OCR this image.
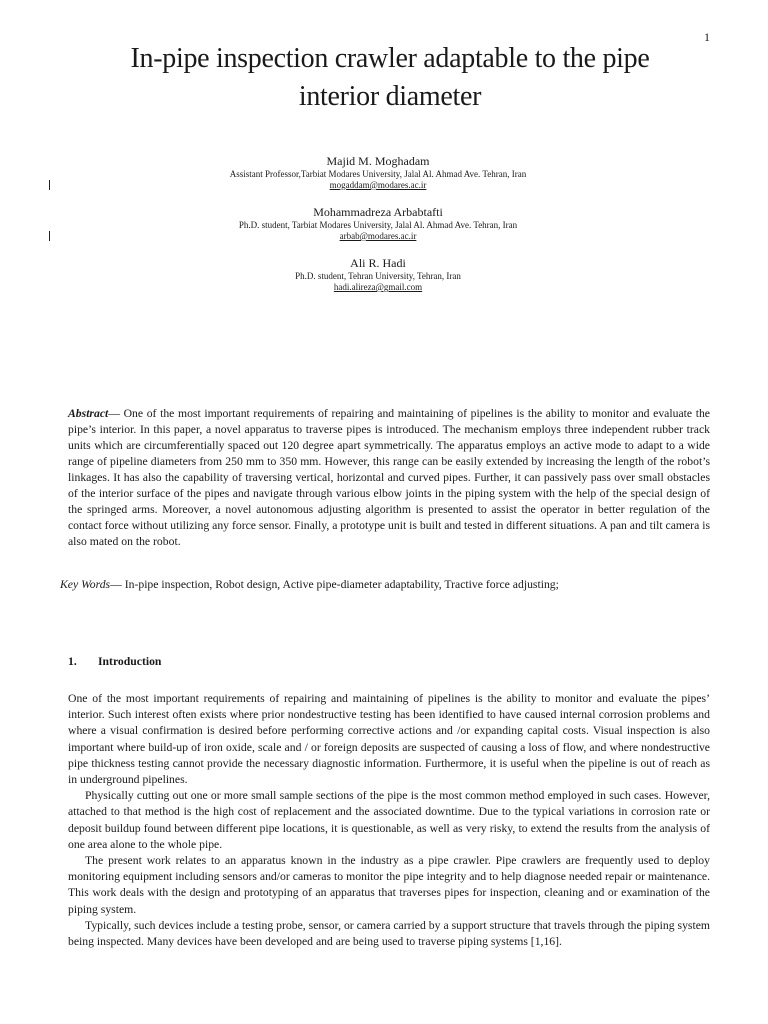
1
In-pipe inspection crawler adaptable to the pipe
interior diameter
Majid M. Moghadam
Assistant Professor,Tarbiat Modares University, Jalal Al. Ahmad Ave. Tehran, Iran
mogaddam@modares.ac.ir
Mohammadreza Arbabtafti
Ph.D. student, Tarbiat Modares University, Jalal Al. Ahmad Ave. Tehran, Iran
arbab@modares.ac.ir
Ali R. Hadi
Ph.D. student, Tehran University, Tehran, Iran
hadi.alireza@gmail.com

Abstract— One of the most important requirements of repairing and maintaining of pipelines is the ability to monitor and evaluate the pipe’s interior. In this paper, a novel apparatus to traverse pipes is introduced. The mechanism employs three independent rubber track units which are circumferentially spaced out 120 degree apart symmetrically. The apparatus employs an active mode to adapt to a wide range of pipeline diameters from 250 mm to 350 mm. However, this range can be easily extended by increasing the length of the robot’s linkages. It has also the capability of traversing vertical, horizontal and curved pipes. Further, it can passively pass over small obstacles of the interior surface of the pipes and navigate through various elbow joints in the piping system with the help of the special design of the springed arms. Moreover, a novel autonomous adjusting algorithm is presented to assist the operator in better regulation of the contact force without utilizing any force sensor. Finally, a prototype unit is built and tested in different situations. A pan and tilt camera is also mated on the robot.

Key Words— In-pipe inspection, Robot design, Active pipe-diameter adaptability, Tractive force adjusting;

1. Introduction

One of the most important requirements of repairing and maintaining of pipelines is the ability to monitor and evaluate the pipes’ interior. Such interest often exists where prior nondestructive testing has been identified to have caused internal corrosion problems and where a visual confirmation is desired before performing corrective actions and /or expanding capital costs. Visual inspection is also important where build-up of iron oxide, scale and / or foreign deposits are suspected of causing a loss of flow, and where nondestructive pipe thickness testing cannot provide the necessary diagnostic information. Furthermore, it is useful when the pipeline is out of reach as in underground pipelines.

Physically cutting out one or more small sample sections of the pipe is the most common method employed in such cases. However, attached to that method is the high cost of replacement and the associated downtime. Due to the typical variations in corrosion rate or deposit buildup found between different pipe locations, it is questionable, as well as very risky, to extend the results from the analysis of one area alone to the whole pipe.

The present work relates to an apparatus known in the industry as a pipe crawler. Pipe crawlers are frequently used to deploy monitoring equipment including sensors and/or cameras to monitor the pipe integrity and to help diagnose needed repair or maintenance. This work deals with the design and prototyping of an apparatus that traverses pipes for inspection, cleaning and or examination of the piping system.

Typically, such devices include a testing probe, sensor, or camera carried by a support structure that travels through the piping system being inspected. Many devices have been developed and are being used to traverse piping systems [1,16].
